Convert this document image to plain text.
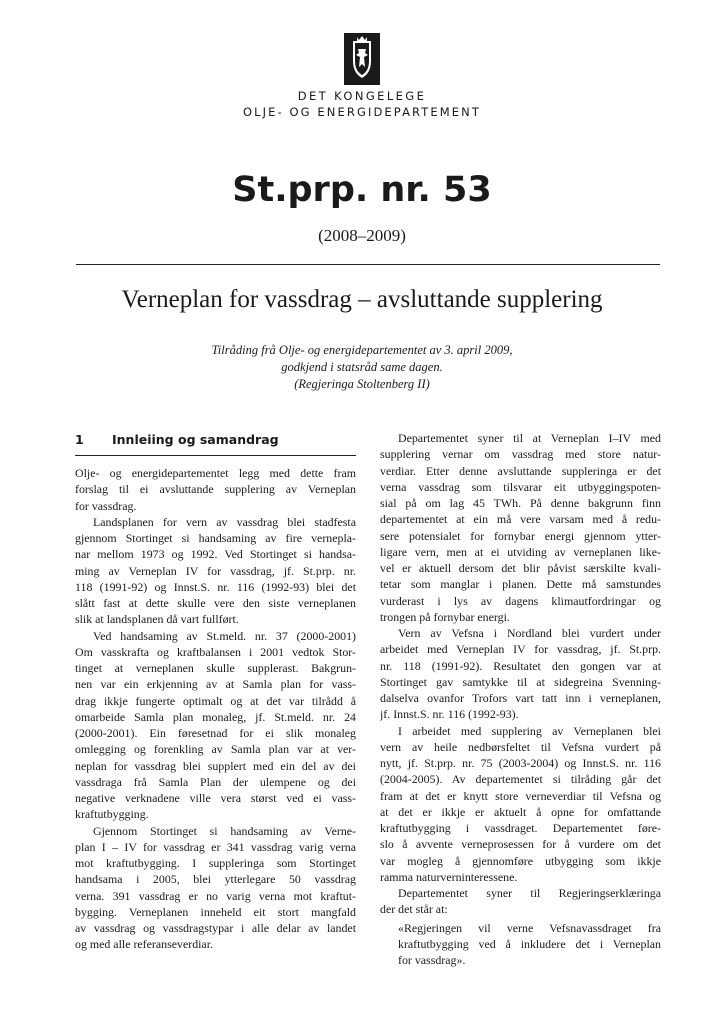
DET KONGELEGE
OLJE- OG ENERGIDEPARTEMENT
St.prp. nr. 53
(2008–2009)
Verneplan for vassdrag – avsluttande supplering
Tilråding frå Olje- og energidepartementet av 3. april 2009,
godkjend i statsråd same dagen.
(Regjeringa Stoltenberg II)
1	Innleiing og samandrag
Olje- og energidepartementet legg med dette fram
forslag til ei avsluttande supplering av Verneplan
for vassdrag.
Landsplanen for vern av vassdrag blei stadfesta
gjennom Stortinget si handsaming av fire verneplа-
nar mellom 1973 og 1992. Ved Stortinget si handsa-
ming av Verneplan IV for vassdrag, jf. St.prp. nr.
118 (1991-92) og Innst.S. nr. 116 (1992-93) blei det
slått fast at dette skulle vere den siste verneplanen
slik at landsplanen då vart fullført.
Ved handsaming av St.meld. nr. 37 (2000-2001)
Om vasskrafta og kraftbalansen i 2001 vedtok Stor-
tinget at verneplanen skulle supplerast. Bakgrun-
nen var ein erkjenning av at Samla plan for vass-
drag ikkje fungerte optimalt og at det var tilrådd å
omarbeide Samla plan monaleg, jf. St.meld. nr. 24
(2000-2001). Ein føresetnad for ei slik monaleg
omlegging og forenkling av Samla plan var at ver-
neplan for vassdrag blei supplert med ein del av dei
vassdraga frå Samla Plan der ulempene og dei
negative verknadene ville vera størst ved ei vass-
kraftutbygging.
Gjennom Stortinget si handsaming av Verne-
plan I – IV for vassdrag er 341 vassdrag varig verna
mot kraftutbygging. I suppleringa som Stortinget
handsama i 2005, blei ytterlegare 50 vassdrag
verna. 391 vassdrag er no varig verna mot kraftut-
bygging. Verneplanen inneheld eit stort mangfald
av vassdrag og vassdragstypar i alle delar av landet
og med alle referanseverdiar.
Departementet syner til at Verneplan I–IV med
supplering vernar om vassdrag med store natur-
verdiar. Etter denne avsluttande suppleringa er det
verna vassdrag som tilsvarar eit utbyggingspoten-
sial på om lag 45 TWh. På denne bakgrunn finn
departementet at ein må vere varsam med å redu-
sere potensialet for fornybar energi gjennom ytter-
ligare vern, men at ei utviding av verneplanen like-
vel er aktuell dersom det blir påvist særskilte kvali-
tetar som manglar i planen. Dette må samstundes
vurderast i lys av dagens klimautfordringar og
trongen på fornybar energi.
Vern av Vefsna i Nordland blei vurdert under
arbeidet med Verneplan IV for vassdrag, jf. St.prp.
nr. 118 (1991-92). Resultatet den gongen var at
Stortinget gav samtykke til at sidegreina Svenning-
dalselva ovanfor Trofors vart tatt inn i verneplanen,
jf. Innst.S. nr. 116 (1992-93).
I arbeidet med supplering av Verneplanen blei
vern av heile nedbørsfeltet til Vefsna vurdert på
nytt, jf. St.prp. nr. 75 (2003-2004) og Innst.S. nr. 116
(2004-2005). Av departementet si tilråding går det
fram at det er knytt store verneverdiar til Vefsna og
at det er ikkje er aktuelt å opne for omfattande
kraftutbygging i vassdraget. Departementet føre-
slo å avvente verneprosessen for å vurdere om det
var mogleg å gjennomføre utbygging som ikkje
ramma naturverninteressene.
Departementet syner til Regjeringserklæringa
der det står at:
«Regjeringen vil verne Vefsnavassdraget fra
kraftutbygging ved å inkludere det i Verneplan
for vassdrag».
